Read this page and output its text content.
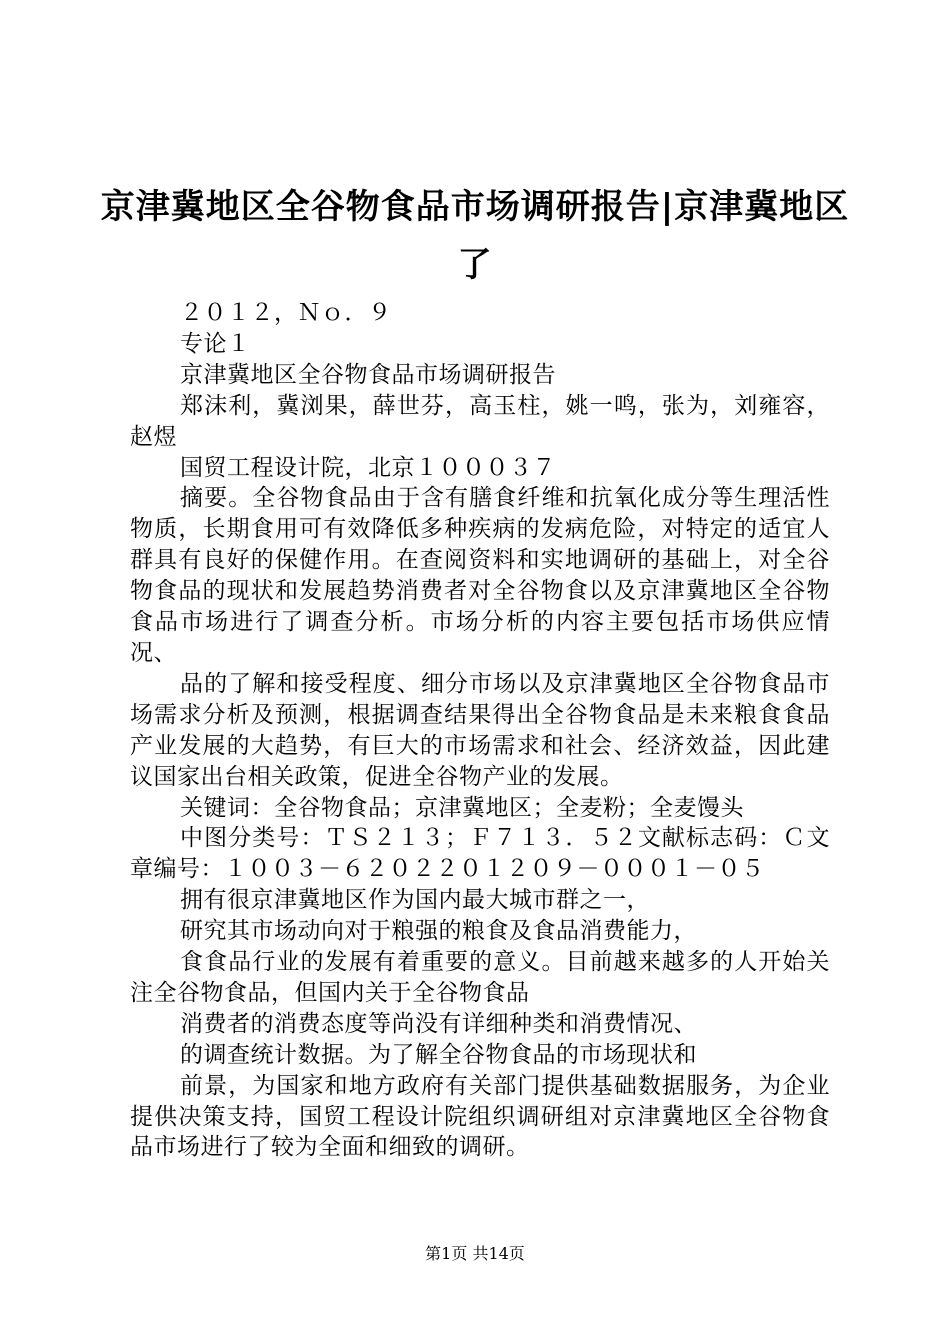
京津冀地区全谷物食品市场调研报告|京津冀地区了

２０１２，Ｎｏ．９

专论１

京津冀地区全谷物食品市场调研报告

郑沫利，冀浏果，薛世芬，高玉柱，姚一鸣，张为，刘雍容，赵煜

国贸工程设计院，北京１０００３７

摘要。全谷物食品由于含有膳食纤维和抗氧化成分等生理活性物质，长期食用可有效降低多种疾病的发病危险，对特定的适宜人群具有良好的保健作用。在查阅资料和实地调研的基础上，对全谷物食品的现状和发展趋势消费者对全谷物食以及京津冀地区全谷物食品市场进行了调查分析。市场分析的内容主要包括市场供应情况、

品的了解和接受程度、细分市场以及京津冀地区全谷物食品市场需求分析及预测，根据调查结果得出全谷物食品是未来粮食食品产业发展的大趋势，有巨大的市场需求和社会、经济效益，因此建议国家出台相关政策，促进全谷物产业的发展。

关键词：全谷物食品；京津冀地区；全麦粉；全麦馒头

中图分类号：ＴＳ２１３；Ｆ７１３．５２文献标志码：Ｃ文章编号：１００３－６２０２２０１２０９－０００１－０５

拥有很京津冀地区作为国内最大城市群之一，

研究其市场动向对于粮强的粮食及食品消费能力，

食食品行业的发展有着重要的意义。目前越来越多的人开始关注全谷物食品，但国内关于全谷物食品

消费者的消费态度等尚没有详细种类和消费情况、

的调查统计数据。为了解全谷物食品的市场现状和

前景，为国家和地方政府有关部门提供基础数据服务，为企业提供决策支持，国贸工程设计院组织调研组对京津冀地区全谷物食品市场进行了较为全面和细致的调研。

第1页 共14页
